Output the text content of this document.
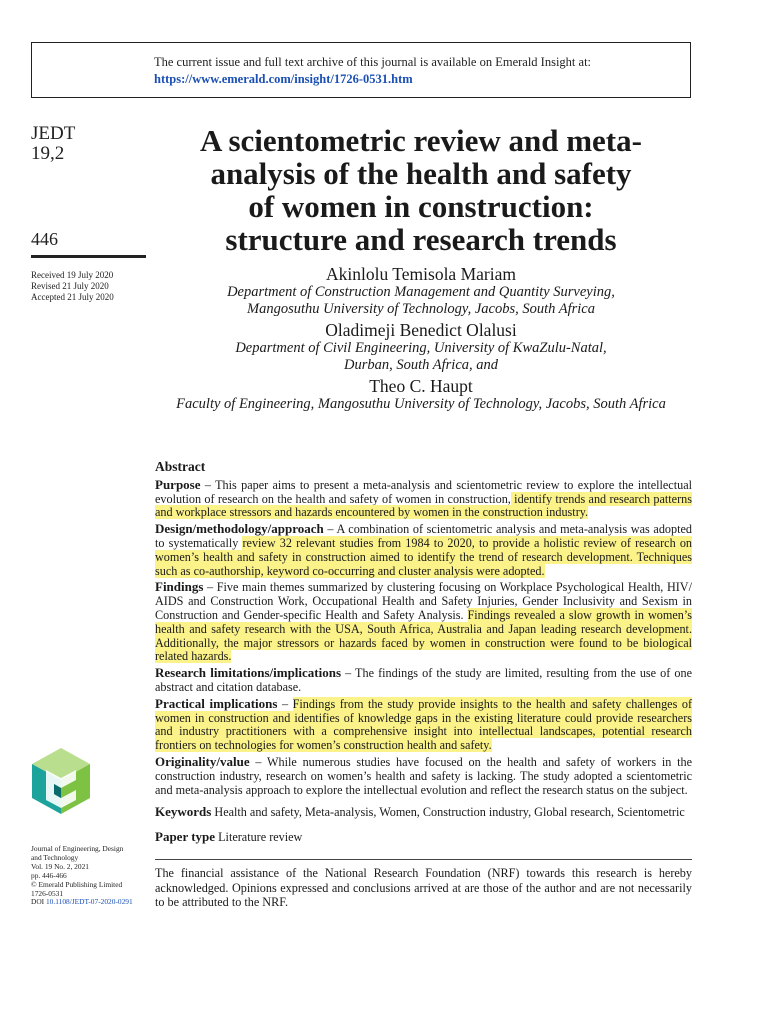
The current issue and full text archive of this journal is available on Emerald Insight at:
https://www.emerald.com/insight/1726-0531.htm
JEDT
19,2
446
Received 19 July 2020
Revised 21 July 2020
Accepted 21 July 2020
A scientometric review and meta-
analysis of the health and safety
of women in construction:
structure and research trends
Akinlolu Temisola Mariam
Department of Construction Management and Quantity Surveying,
Mangosuthu University of Technology, Jacobs, South Africa
Oladimeji Benedict Olalusi
Department of Civil Engineering, University of KwaZulu-Natal,
Durban, South Africa, and
Theo C. Haupt
Faculty of Engineering, Mangosuthu University of Technology, Jacobs, South Africa
Abstract

Purpose – This paper aims to present a meta-analysis and scientometric review to explore the intellectual evolution of research on the health and safety of women in construction, identify trends and research patterns and workplace stressors and hazards encountered by women in the construction industry.

Design/methodology/approach – A combination of scientometric analysis and meta-analysis was adopted to systematically review 32 relevant studies from 1984 to 2020, to provide a holistic review of research on women’s health and safety in construction aimed to identify the trend of research development. Techniques such as co-authorship, keyword co-occurring and cluster analysis were adopted.

Findings – Five main themes summarized by clustering focusing on Workplace Psychological Health, HIV/ AIDS and Construction Work, Occupational Health and Safety Injuries, Gender Inclusivity and Sexism in Construction and Gender-specific Health and Safety Analysis. Findings revealed a slow growth in women’s health and safety research with the USA, South Africa, Australia and Japan leading research development. Additionally, the major stressors or hazards faced by women in construction were found to be biological related hazards.

Research limitations/implications – The findings of the study are limited, resulting from the use of one abstract and citation database.

Practical implications – Findings from the study provide insights to the health and safety challenges of women in construction and identifies of knowledge gaps in the existing literature could provide researchers and industry practitioners with a comprehensive insight into intellectual landscapes, potential research frontiers on technologies for women’s construction health and safety.

Originality/value – While numerous studies have focused on the health and safety of workers in the construction industry, research on women’s health and safety is lacking. The study adopted a scientometric and meta-analysis approach to explore the intellectual evolution and reflect the research status on the subject.

Keywords Health and safety, Meta-analysis, Women, Construction industry, Global research, Scientometric

Paper type Literature review

Journal of Engineering, Design
and Technology
Vol. 19 No. 2, 2021
pp. 446-466
© Emerald Publishing Limited
1726-0531
DOI 10.1108/JEDT-07-2020-0291
The financial assistance of the National Research Foundation (NRF) towards this research is hereby acknowledged. Opinions expressed and conclusions arrived at are those of the author and are not necessarily to be attributed to the NRF.
